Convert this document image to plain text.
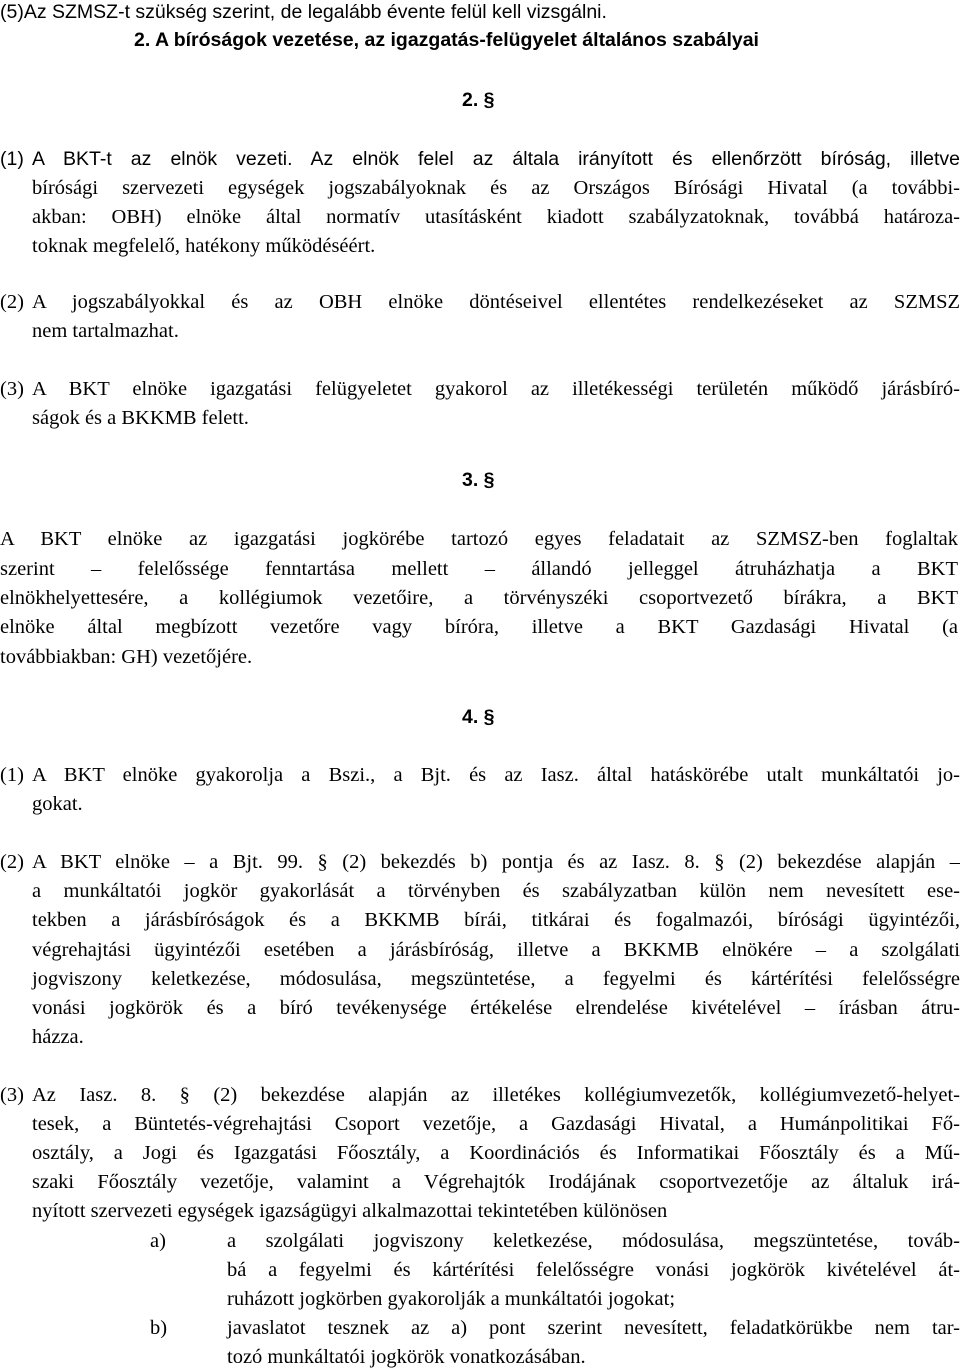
(5)Az SZMSZ-t szükség szerint, de legalább évente felül kell vizsgálni.
2. A bíróságok vezetése, az igazgatás-felügyelet általános szabályai
2. §
(1) A BKT-t az elnök vezeti. Az elnök felel az általa irányított és ellenőrzött bíróság, illetve
bírósági szervezeti egységek jogszabályoknak és az Országos Bírósági Hivatal (a további-
akban: OBH) elnöke által normatív utasításként kiadott szabályzatoknak, továbbá határoza-
toknak megfelelő, hatékony működéséért.
(2) A jogszabályokkal és az OBH elnöke döntéseivel ellentétes rendelkezéseket az SZMSZ
nem tartalmazhat.
(3) A BKT elnöke igazgatási felügyeletet gyakorol az illetékességi területén működő járásbíró-
ságok és a BKKMB felett.
3. §
A BKT elnöke az igazgatási jogkörébe tartozó egyes feladatait az SZMSZ-ben foglaltak
szerint – felelőssége fenntartása mellett – állandó jelleggel átruházhatja a BKT
elnökhelyettesére, a kollégiumok vezetőire, a törvényszéki csoportvezető bírákra, a BKT
elnöke által megbízott vezetőre vagy bíróra, illetve a BKT Gazdasági Hivatal (a
továbbiakban: GH) vezetőjére.
4. §
(1) A BKT elnöke gyakorolja a Bszi., a Bjt. és az Iasz. által hatáskörébe utalt munkáltatói jo-
gokat.
(2) A BKT elnöke – a Bjt. 99. § (2) bekezdés b) pontja és az Iasz. 8. § (2) bekezdése alapján –
a munkáltatói jogkör gyakorlását a törvényben és szabályzatban külön nem nevesített ese-
tekben a járásbíróságok és a BKKMB bírái, titkárai és fogalmazói, bírósági ügyintézői,
végrehajtási ügyintézői esetében a járásbíróság, illetve a BKKMB elnökére – a szolgálati
jogviszony keletkezése, módosulása, megszüntetése, a fegyelmi és kártérítési felelősségre
vonási jogkörök és a bíró tevékenysége értékelése elrendelése kivételével – írásban átru-
házza.
(3) Az Iasz. 8. § (2) bekezdése alapján az illetékes kollégiumvezetők, kollégiumvezető-helyet-
tesek, a Büntetés-végrehajtási Csoport vezetője, a Gazdasági Hivatal, a Humánpolitikai Fő-
osztály, a Jogi és Igazgatási Főosztály, a Koordinációs és Informatikai Főosztály és a Mű-
szaki Főosztály vezetője, valamint a Végrehajtók Irodájának csoportvezetője az általuk irá-
nyított szervezeti egységek igazságügyi alkalmazottai tekintetében különösen
a)	a szolgálati jogviszony keletkezése, módosulása, megszüntetése, továb-
bá a fegyelmi és kártérítési felelősségre vonási jogkörök kivételével át-
ruházott jogkörben gyakorolják a munkáltatói jogokat;
b)	javaslatot tesznek az a) pont szerint nevesített, feladatkörükbe nem tar-
tozó munkáltatói jogkörök vonatkozásában.
